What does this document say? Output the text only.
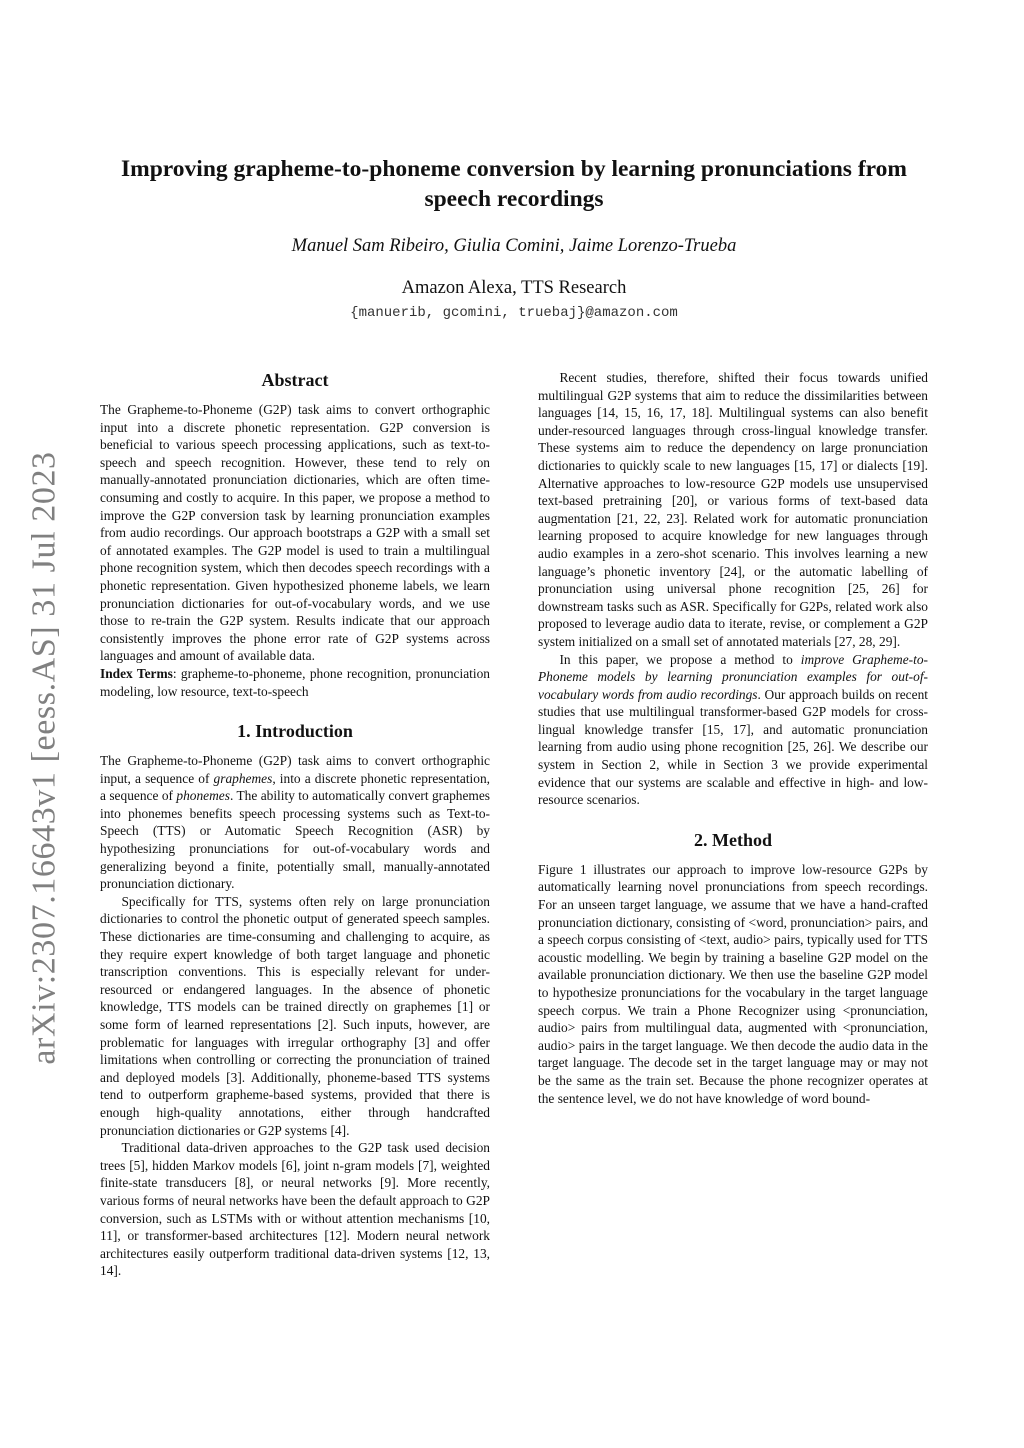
arXiv:2307.16643v1 [eess.AS] 31 Jul 2023
Improving grapheme-to-phoneme conversion by learning pronunciations from speech recordings
Manuel Sam Ribeiro, Giulia Comini, Jaime Lorenzo-Trueba
Amazon Alexa, TTS Research
{manuerib, gcomini, truebaj}@amazon.com
Abstract

The Grapheme-to-Phoneme (G2P) task aims to convert orthographic input into a discrete phonetic representation. G2P conversion is beneficial to various speech processing applications, such as text-to-speech and speech recognition. However, these tend to rely on manually-annotated pronunciation dictionaries, which are often time-consuming and costly to acquire. In this paper, we propose a method to improve the G2P conversion task by learning pronunciation examples from audio recordings. Our approach bootstraps a G2P with a small set of annotated examples. The G2P model is used to train a multilingual phone recognition system, which then decodes speech recordings with a phonetic representation. Given hypothesized phoneme labels, we learn pronunciation dictionaries for out-of-vocabulary words, and we use those to re-train the G2P system. Results indicate that our approach consistently improves the phone error rate of G2P systems across languages and amount of available data.

Index Terms: grapheme-to-phoneme, phone recognition, pronunciation modeling, low resource, text-to-speech

1. Introduction

The Grapheme-to-Phoneme (G2P) task aims to convert orthographic input, a sequence of graphemes, into a discrete phonetic representation, a sequence of phonemes. The ability to automatically convert graphemes into phonemes benefits speech processing systems such as Text-to-Speech (TTS) or Automatic Speech Recognition (ASR) by hypothesizing pronunciations for out-of-vocabulary words and generalizing beyond a finite, potentially small, manually-annotated pronunciation dictionary.

Specifically for TTS, systems often rely on large pronunciation dictionaries to control the phonetic output of generated speech samples. These dictionaries are time-consuming and challenging to acquire, as they require expert knowledge of both target language and phonetic transcription conventions. This is especially relevant for under-resourced or endangered languages. In the absence of phonetic knowledge, TTS models can be trained directly on graphemes [1] or some form of learned representations [2]. Such inputs, however, are problematic for languages with irregular orthography [3] and offer limitations when controlling or correcting the pronunciation of trained and deployed models [3]. Additionally, phoneme-based TTS systems tend to outperform grapheme-based systems, provided that there is enough high-quality annotations, either through handcrafted pronunciation dictionaries or G2P systems [4].

Traditional data-driven approaches to the G2P task used decision trees [5], hidden Markov models [6], joint n-gram models [7], weighted finite-state transducers [8], or neural networks [9]. More recently, various forms of neural networks have been the default approach to G2P conversion, such as LSTMs with or without attention mechanisms [10, 11], or transformer-based architectures [12]. Modern neural network architectures easily outperform traditional data-driven systems [12, 13, 14].

Recent studies, therefore, shifted their focus towards unified multilingual G2P systems that aim to reduce the dissimilarities between languages [14, 15, 16, 17, 18]. Multilingual systems can also benefit under-resourced languages through cross-lingual knowledge transfer. These systems aim to reduce the dependency on large pronunciation dictionaries to quickly scale to new languages [15, 17] or dialects [19]. Alternative approaches to low-resource G2P models use unsupervised text-based pretraining [20], or various forms of text-based data augmentation [21, 22, 23]. Related work for automatic pronunciation learning proposed to acquire knowledge for new languages through audio examples in a zero-shot scenario. This involves learning a new language’s phonetic inventory [24], or the automatic labelling of pronunciation using universal phone recognition [25, 26] for downstream tasks such as ASR. Specifically for G2Ps, related work also proposed to leverage audio data to iterate, revise, or complement a G2P system initialized on a small set of annotated materials [27, 28, 29].

In this paper, we propose a method to improve Grapheme-to-Phoneme models by learning pronunciation examples for out-of-vocabulary words from audio recordings. Our approach builds on recent studies that use multilingual transformer-based G2P models for cross-lingual knowledge transfer [15, 17], and automatic pronunciation learning from audio using phone recognition [25, 26]. We describe our system in Section 2, while in Section 3 we provide experimental evidence that our systems are scalable and effective in high- and low-resource scenarios.

2. Method

Figure 1 illustrates our approach to improve low-resource G2Ps by automatically learning novel pronunciations from speech recordings. For an unseen target language, we assume that we have a hand-crafted pronunciation dictionary, consisting of <word, pronunciation> pairs, and a speech corpus consisting of <text, audio> pairs, typically used for TTS acoustic modelling. We begin by training a baseline G2P model on the available pronunciation dictionary. We then use the baseline G2P model to hypothesize pronunciations for the vocabulary in the target language speech corpus. We train a Phone Recognizer using <pronunciation, audio> pairs from multilingual data, augmented with <pronunciation, audio> pairs in the target language. We then decode the audio data in the target language. The decode set in the target language may or may not be the same as the train set. Because the phone recognizer operates at the sentence level, we do not have knowledge of word bound-
